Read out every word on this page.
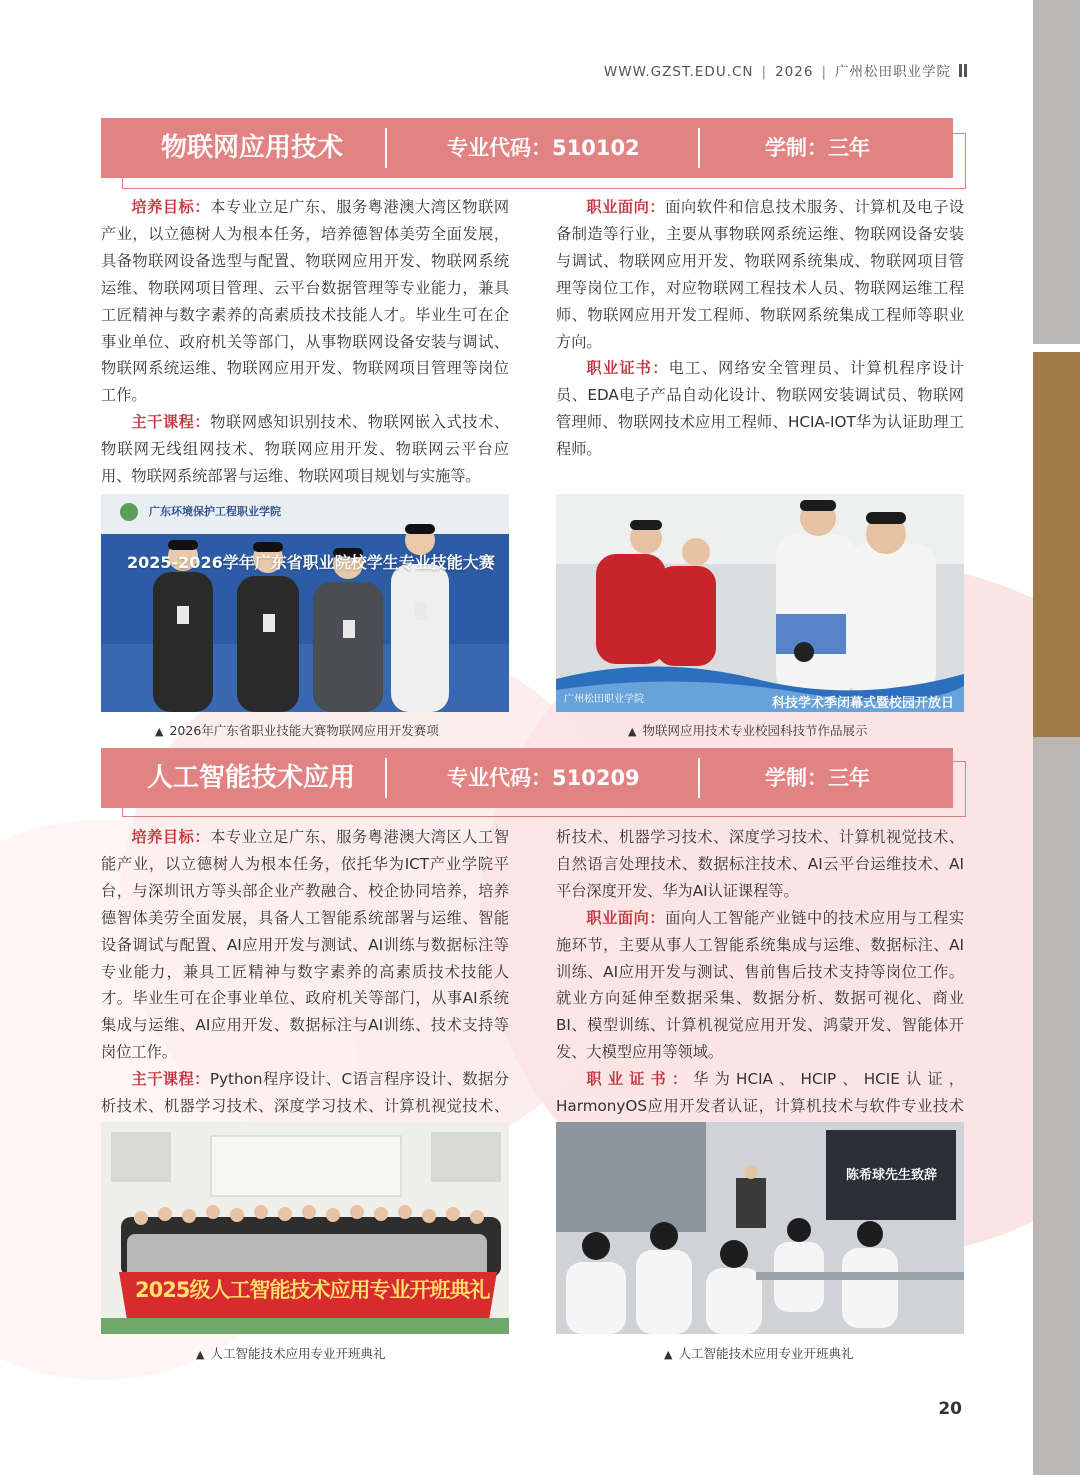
WWW.GZST.EDU.CN | 2026 | 广州松田职业学院
物联网应用技术	专业代码：510102	学制：三年
培养目标：本专业立足广东、服务粤港澳大湾区物联网产业，以立德树人为根本任务，培养德智体美劳全面发展，具备物联网设备选型与配置、物联网应用开发、物联网系统运维、物联网项目管理、云平台数据管理等专业能力，兼具工匠精神与数字素养的高素质技术技能人才。毕业生可在企事业单位、政府机关等部门，从事物联网设备安装与调试、物联网系统运维、物联网应用开发、物联网项目管理等岗位工作。
主干课程：物联网感知识别技术、物联网嵌入式技术、物联网无线组网技术、物联网应用开发、物联网云平台应用、物联网系统部署与运维、物联网项目规划与实施等。
职业面向：面向软件和信息技术服务、计算机及电子设备制造等行业，主要从事物联网系统运维、物联网设备安装与调试、物联网应用开发、物联网系统集成、物联网项目管理等岗位工作，对应物联网工程技术人员、物联网运维工程师、物联网应用开发工程师、物联网系统集成工程师等职业方向。
职业证书：电工、网络安全管理员、计算机程序设计员、EDA电子产品自动化设计、物联网安装调试员、物联网管理师、物联网技术应用工程师、HCIA-IOT华为认证助理工程师。
广东环境保护工程职业学院
2025-2026学年广东省职业院校学生专业技能大赛
广州松田职业学院	科技学术季闭幕式暨校园开放日
▲ 2026年广东省职业技能大赛物联网应用开发赛项	▲ 物联网应用技术专业校园科技节作品展示
人工智能技术应用	专业代码：510209	学制：三年
培养目标：本专业立足广东、服务粤港澳大湾区人工智能产业，以立德树人为根本任务，依托华为ICT产业学院平台，与深圳讯方等头部企业产教融合、校企协同培养，培养德智体美劳全面发展，具备人工智能系统部署与运维、智能设备调试与配置、AI应用开发与测试、AI训练与数据标注等专业能力，兼具工匠精神与数字素养的高素质技术技能人才。毕业生可在企事业单位、政府机关等部门，从事AI系统集成与运维、AI应用开发、数据标注与AI训练、技术支持等岗位工作。
主干课程：Python程序设计、C语言程序设计、数据分析技术、机器学习技术、深度学习技术、计算机视觉技术、
析技术、机器学习技术、深度学习技术、计算机视觉技术、自然语言处理技术、数据标注技术、AI云平台运维技术、AI平台深度开发、华为AI认证课程等。
职业面向：面向人工智能产业链中的技术应用与工程实施环节，主要从事人工智能系统集成与运维、数据标注、AI训练、AI应用开发与测试、售前售后技术支持等岗位工作。就业方向延伸至数据采集、数据分析、数据可视化、商业BI、模型训练、计算机视觉应用开发、鸿蒙开发、智能体开发、大模型应用等领域。
职业证书：华为HCIA、HCIP、HCIE认证，HarmonyOS应用开发者认证，计算机技术与软件专业技术
2025级人工智能技术应用专业开班典礼
陈希球先生致辞
▲ 人工智能技术应用专业开班典礼	▲ 人工智能技术应用专业开班典礼
20
